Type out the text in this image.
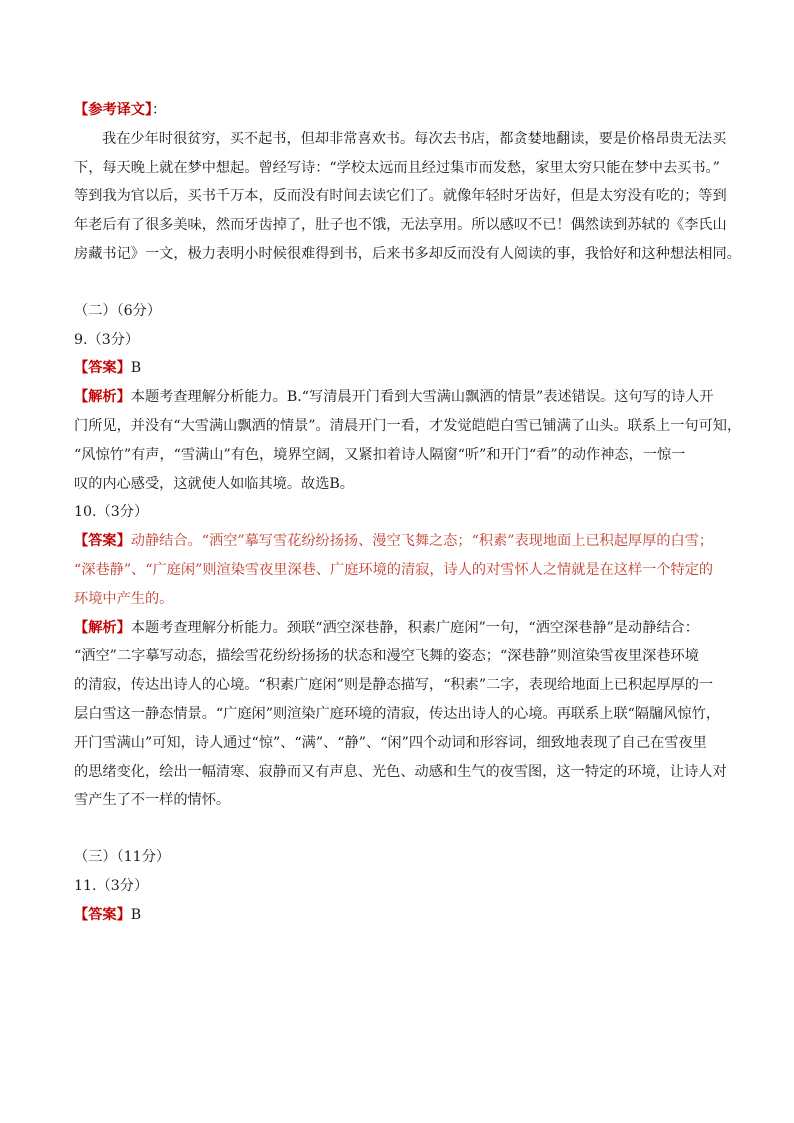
【参考译文】：
我在少年时很贫穷，买不起书，但却非常喜欢书。每次去书店，都贪婪地翻读，要是价格昂贵无法买
下，每天晚上就在梦中想起。曾经写诗：“学校太远而且经过集市而发愁，家里太穷只能在梦中去买书。”
等到我为官以后，买书千万本，反而没有时间去读它们了。就像年轻时牙齿好，但是太穷没有吃的；等到
年老后有了很多美味，然而牙齿掉了，肚子也不饿，无法享用。所以感叹不已！偶然读到苏轼的《李氏山
房藏书记》一文，极力表明小时候很难得到书，后来书多却反而没有人阅读的事，我恰好和这种想法相同。
（二）（6分）
9.（3分）
【答案】B
【解析】本题考查理解分析能力。B.“写清晨开门看到大雪满山飘洒的情景”表述错误。这句写的诗人开
门所见，并没有“大雪满山飘洒的情景”。清晨开门一看，才发觉皑皑白雪已铺满了山头。联系上一句可知，
“风惊竹”有声，“雪满山”有色，境界空阔，又紧扣着诗人隔窗“听”和开门“看”的动作神态，一惊一
叹的内心感受，这就使人如临其境。故选B。
10.（3分）
【答案】动静结合。“洒空”摹写雪花纷纷扬扬、漫空飞舞之态；“积素”表现地面上已积起厚厚的白雪；
“深巷静”、“广庭闲”则渲染雪夜里深巷、广庭环境的清寂，诗人的对雪怀人之情就是在这样一个特定的
环境中产生的。
【解析】本题考查理解分析能力。颈联“洒空深巷静，积素广庭闲”一句，“洒空深巷静”是动静结合：
“洒空”二字摹写动态，描绘雪花纷纷扬扬的状态和漫空飞舞的姿态；“深巷静”则渲染雪夜里深巷环境
的清寂，传达出诗人的心境。“积素广庭闲”则是静态描写，“积素”二字，表现给地面上已积起厚厚的一
层白雪这一静态情景。“广庭闲”则渲染广庭环境的清寂，传达出诗人的心境。再联系上联“隔牖风惊竹，
开门雪满山”可知，诗人通过“惊”、“满”、“静”、“闲”四个动词和形容词，细致地表现了自己在雪夜里
的思绪变化，绘出一幅清寒、寂静而又有声息、光色、动感和生气的夜雪图，这一特定的环境，让诗人对
雪产生了不一样的情怀。
（三）（11分）
11.（3分）
【答案】B
